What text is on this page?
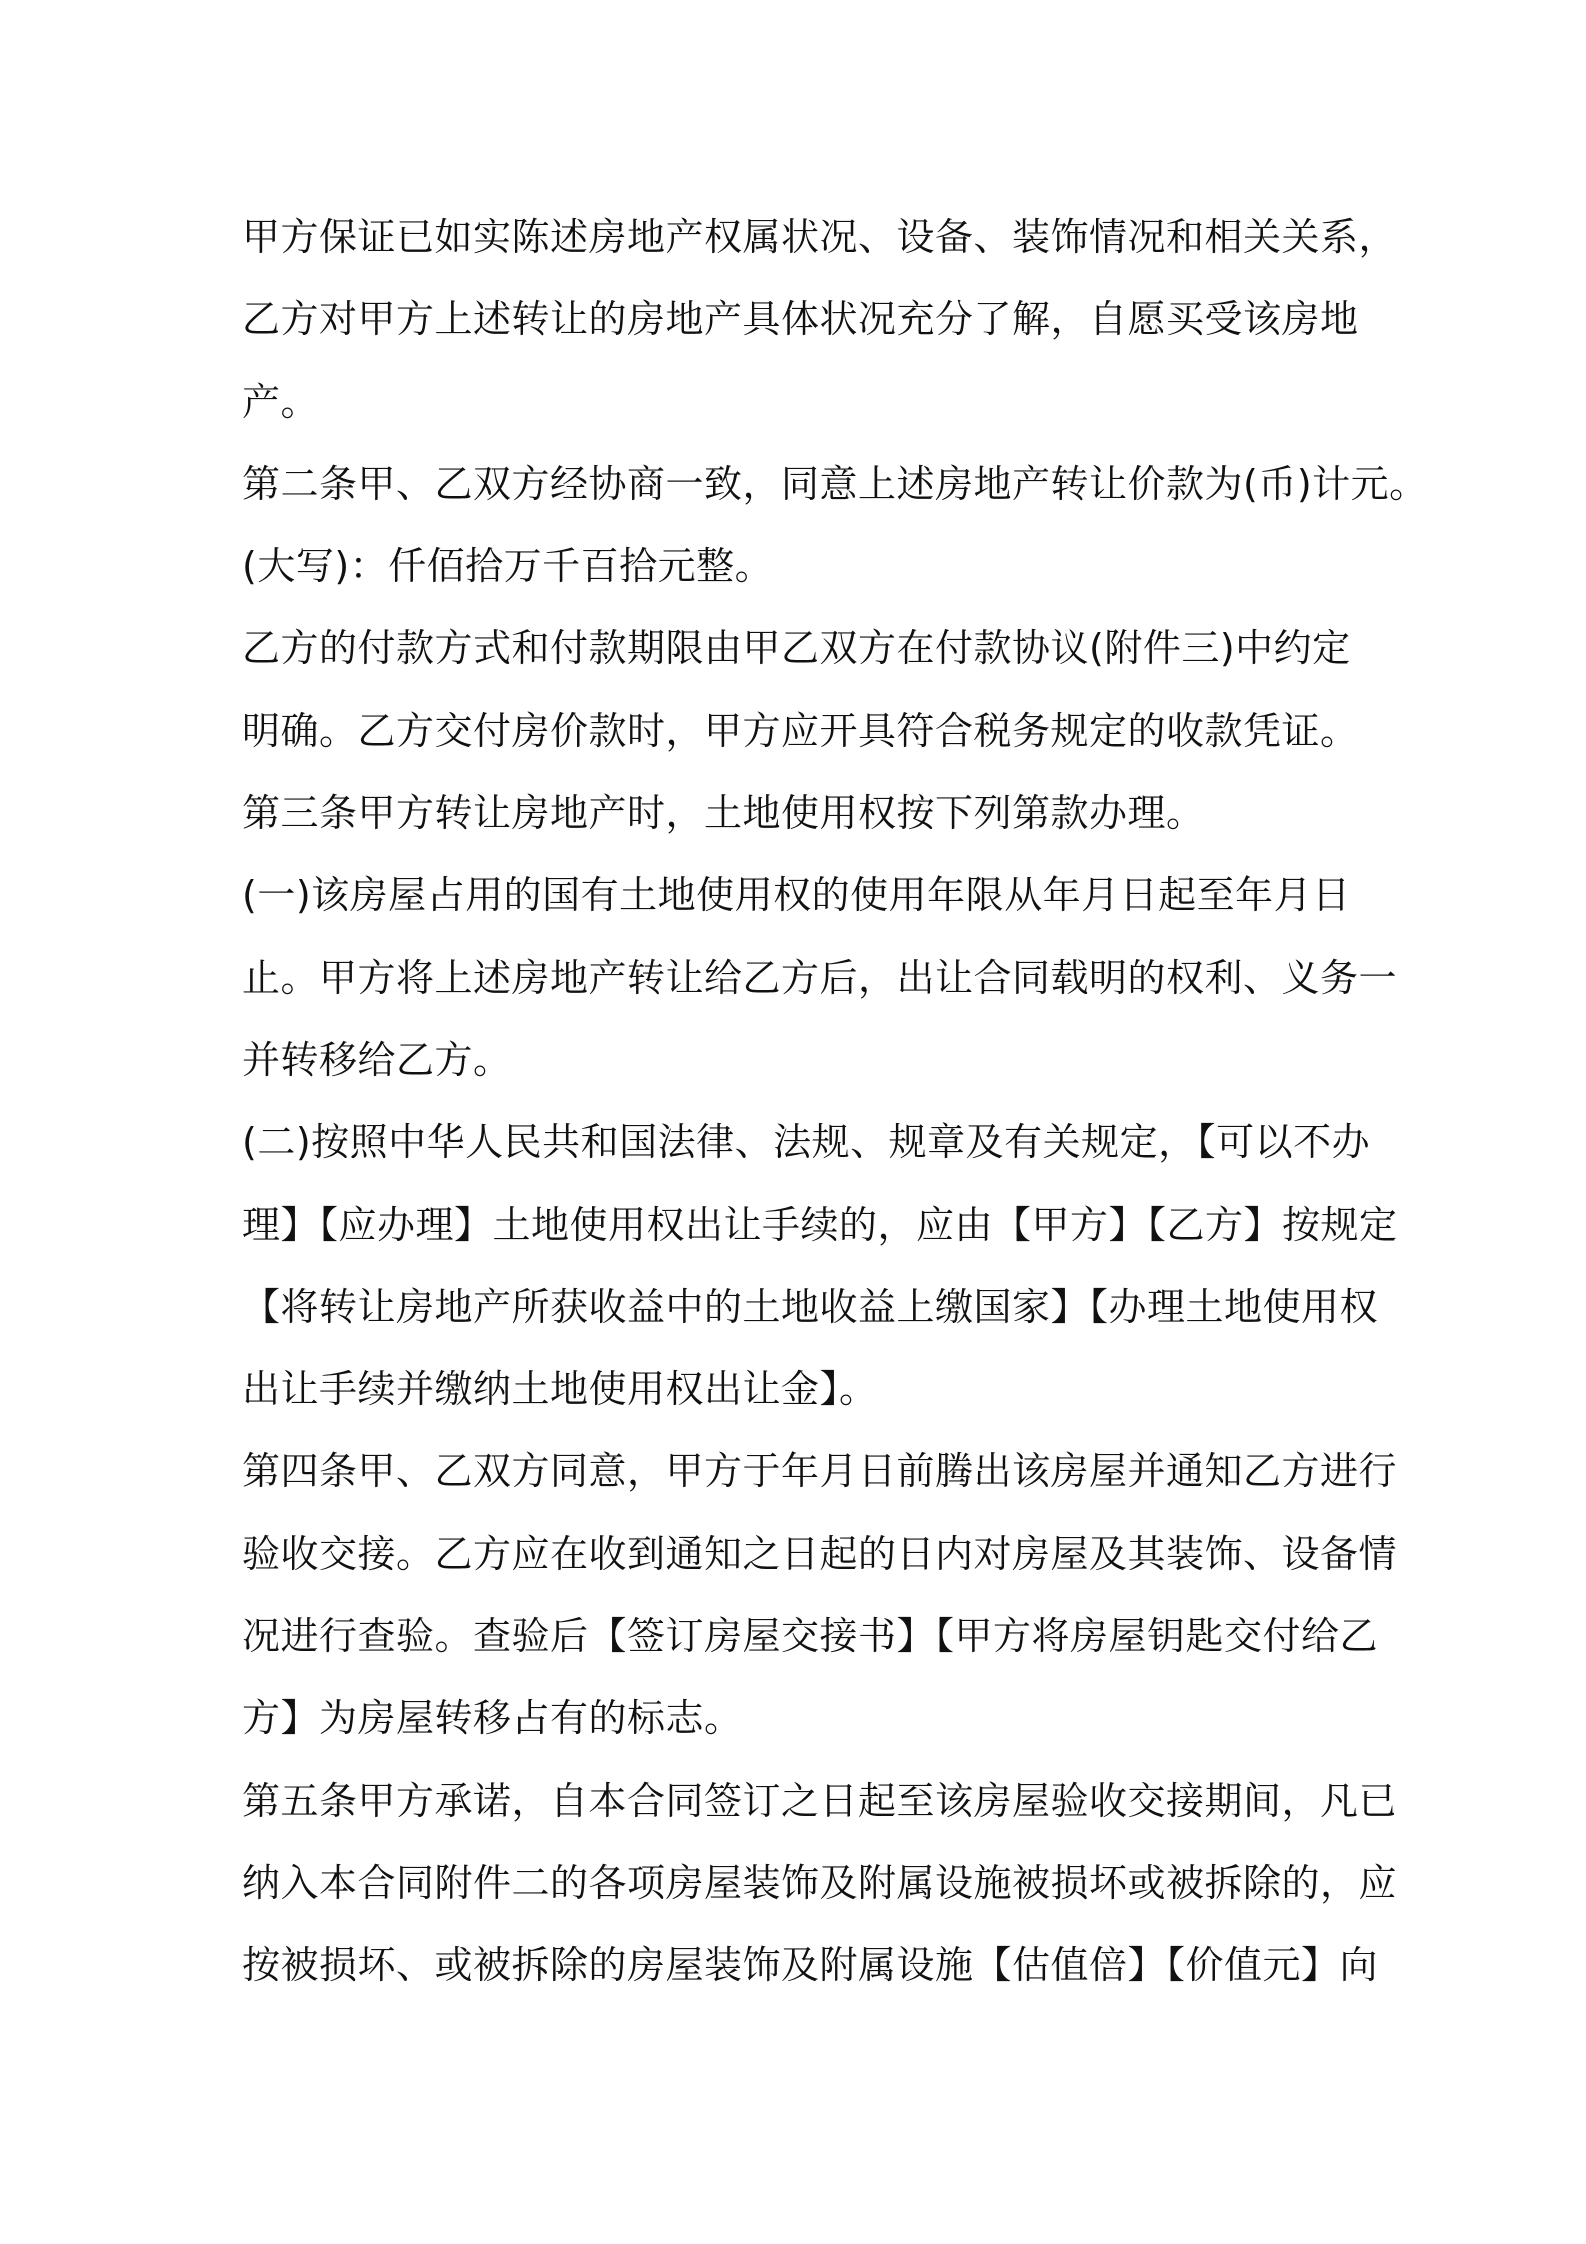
甲方保证已如实陈述房地产权属状况、设备、装饰情况和相关关系，
乙方对甲方上述转让的房地产具体状况充分了解，自愿买受该房地
产。
第二条甲、乙双方经协商一致，同意上述房地产转让价款为(币)计元。
(大写)：仟佰拾万千百拾元整。
乙方的付款方式和付款期限由甲乙双方在付款协议(附件三)中约定
明确。乙方交付房价款时，甲方应开具符合税务规定的收款凭证。
第三条甲方转让房地产时，土地使用权按下列第款办理。
(一)该房屋占用的国有土地使用权的使用年限从年月日起至年月日
止。甲方将上述房地产转让给乙方后，出让合同载明的权利、义务一
并转移给乙方。
(二)按照中华人民共和国法律、法规、规章及有关规定，【可以不办
理】【应办理】土地使用权出让手续的，应由【甲方】【乙方】按规定
【将转让房地产所获收益中的土地收益上缴国家】【办理土地使用权
出让手续并缴纳土地使用权出让金】。
第四条甲、乙双方同意，甲方于年月日前腾出该房屋并通知乙方进行
验收交接。乙方应在收到通知之日起的日内对房屋及其装饰、设备情
况进行查验。查验后【签订房屋交接书】【甲方将房屋钥匙交付给乙
方】为房屋转移占有的标志。
第五条甲方承诺，自本合同签订之日起至该房屋验收交接期间，凡已
纳入本合同附件二的各项房屋装饰及附属设施被损坏或被拆除的，应
按被损坏、或被拆除的房屋装饰及附属设施【估值倍】【价值元】向
